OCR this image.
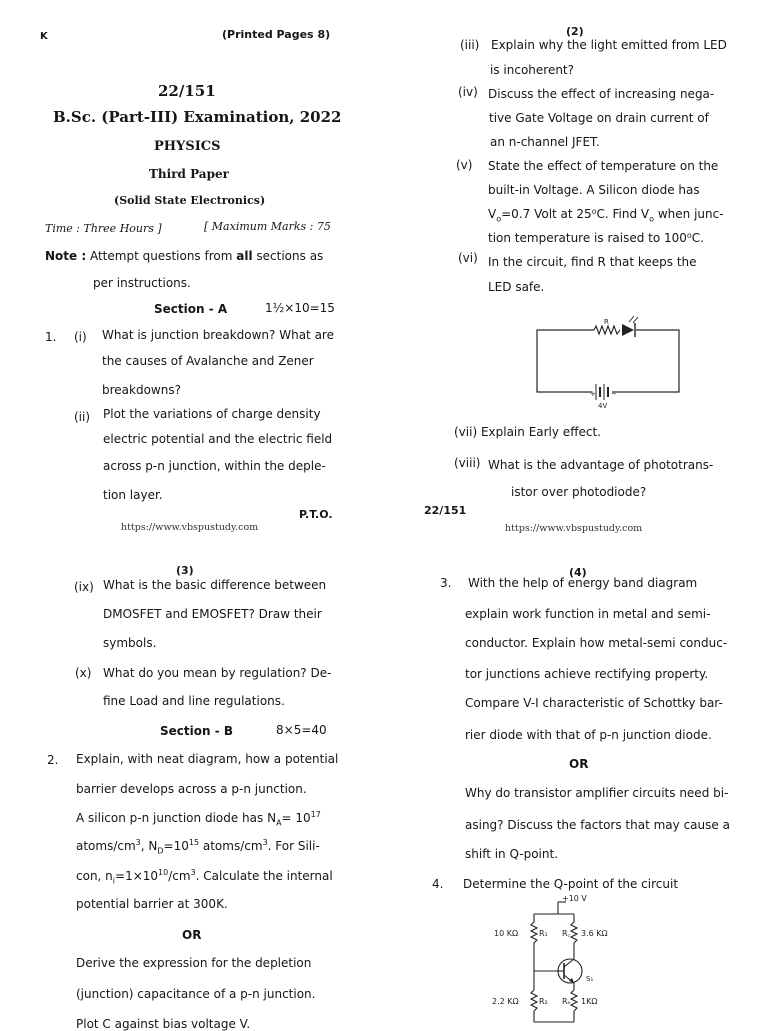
K	(Printed Pages 8)
22/151
B.Sc. (Part-III) Examination, 2022
PHYSICS
Third Paper
(Solid State Electronics)
Time : Three Hours ]	[ Maximum Marks : 75
Note : Attempt questions from all sections as
per instructions.
Section - A	1½×10=15
1. (i) What is junction breakdown? What are
the causes of Avalanche and Zener
breakdowns?
(ii) Plot the variations of charge density
electric potential and the electric field
across p-n junction, within the deple-
tion layer.
P.T.O.
https://www.vbspustudy.com
(2)
(iii) Explain why the light emitted from LED
is incoherent?
(iv) Discuss the effect of increasing nega-
tive Gate Voltage on drain current of
an n-channel JFET.
(v) State the effect of temperature on the
built-in Voltage. A Silicon diode has
$V_o=0.7$ Volt at 25⁰C. Find $V_o$ when junc-
tion temperature is raised to 100⁰C.
(vi) In the circuit, find R that keeps the
LED safe.
R
+ −
4V
(vii) Explain Early effect.
(viii) What is the advantage of phototrans-
istor over photodiode?
22/151
https://www.vbspustudy.com
(3)
(ix) What is the basic difference between
DMOSFET and EMOSFET? Draw their
symbols.
(x) What do you mean by regulation? De-
fine Load and line regulations.
Section - B	8×5=40
2. Explain, with neat diagram, how a potential
barrier develops across a p-n junction.
A silicon p-n junction diode has $N_A= 10^{17}$
atoms/$cm^3$, $N_D=10^{15}$ atoms/$cm^3$. For Sili-
con, $n_i=1\times 10^{10}/cm^3$. Calculate the internal
potential barrier at 300K.
OR
Derive the expression for the depletion
(junction) capacitance of a p-n junction.
Plot C against bias voltage V.
(4)
3. With the help of energy band diagram
explain work function in metal and semi-
conductor. Explain how metal-semi conduc-
tor junctions achieve rectifying property.
Compare V-I characteristic of Schottky bar-
rier diode with that of p-n junction diode.
OR
Why do transistor amplifier circuits need bi-
asing? Discuss the factors that may cause a
shift in Q-point.
4. Determine the Q-point of the circuit
+10 V
10 KΩ	R₁ R꜀ 3.6 KΩ
S₁
2.2 KΩ	R₂ Rₑ 1KΩ
